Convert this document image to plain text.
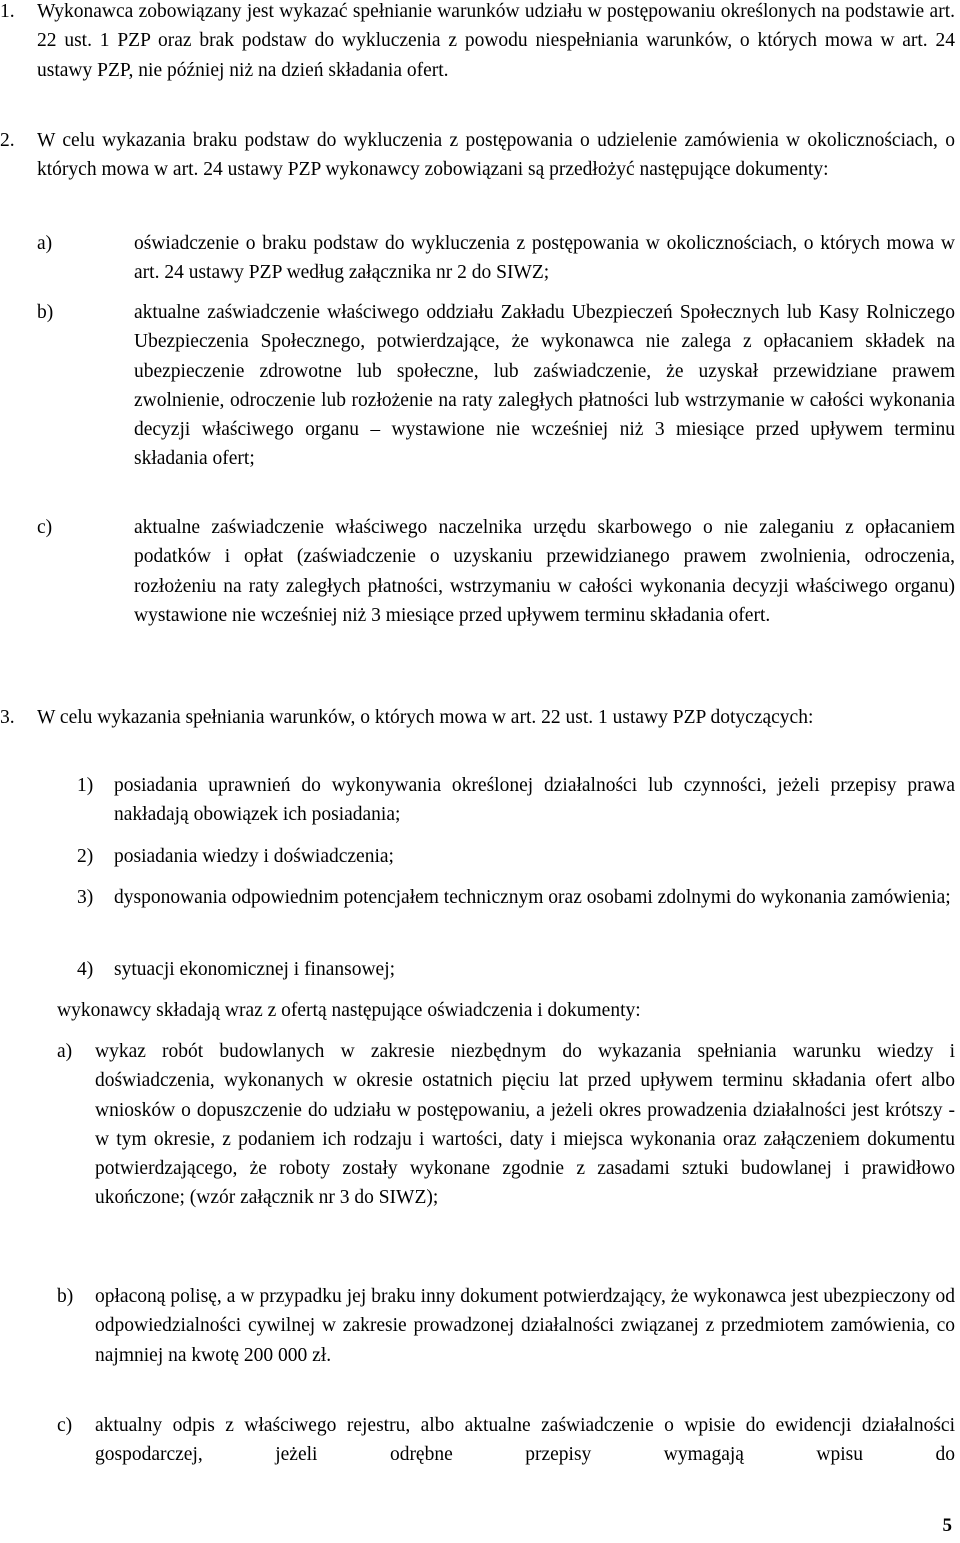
1. Wykonawca zobowiązany jest wykazać spełnianie warunków udziału w postępowaniu określonych na podstawie art. 22 ust. 1 PZP oraz brak podstaw do wykluczenia z powodu niespełniania warunków, o których mowa w art. 24 ustawy PZP, nie później niż na dzień składania ofert.
2. W celu wykazania braku podstaw do wykluczenia z postępowania o udzielenie zamówienia w okolicznościach, o których mowa w art. 24 ustawy PZP wykonawcy zobowiązani są przedłożyć następujące dokumenty:
a)	oświadczenie o braku podstaw do wykluczenia z postępowania w okolicznościach, o których mowa w art. 24 ustawy PZP według załącznika nr 2 do SIWZ;
b)	aktualne zaświadczenie właściwego oddziału Zakładu Ubezpieczeń Społecznych lub Kasy Rolniczego Ubezpieczenia Społecznego, potwierdzające, że wykonawca nie zalega z opłacaniem składek na ubezpieczenie zdrowotne lub społeczne, lub zaświadczenie, że uzyskał przewidziane prawem zwolnienie, odroczenie lub rozłożenie na raty zaległych płatności lub wstrzymanie w całości wykonania decyzji właściwego organu – wystawione nie wcześniej niż 3 miesiące przed upływem terminu składania ofert;
c)	aktualne zaświadczenie właściwego naczelnika urzędu skarbowego o nie zaleganiu z opłacaniem podatków i opłat (zaświadczenie o uzyskaniu przewidzianego prawem zwolnienia, odroczenia, rozłożeniu na raty zaległych płatności, wstrzymaniu w całości wykonania decyzji właściwego organu) wystawione nie wcześniej niż 3 miesiące przed upływem terminu składania ofert.
3. W celu wykazania spełniania warunków, o których mowa w art. 22 ust. 1 ustawy PZP dotyczących:
1) posiadania uprawnień do wykonywania określonej działalności lub czynności, jeżeli przepisy prawa nakładają obowiązek ich posiadania;
2) posiadania wiedzy i doświadczenia;
3) dysponowania odpowiednim potencjałem technicznym oraz osobami zdolnymi do wykonania zamówienia;
4) sytuacji ekonomicznej i finansowej;
wykonawcy składają wraz z ofertą następujące oświadczenia i dokumenty:
a) wykaz robót budowlanych w zakresie niezbędnym do wykazania spełniania warunku wiedzy i doświadczenia, wykonanych w okresie ostatnich pięciu lat przed upływem terminu składania ofert albo wniosków o dopuszczenie do udziału w postępowaniu, a jeżeli okres prowadzenia działalności jest krótszy - w tym okresie, z podaniem ich rodzaju i wartości, daty i miejsca wykonania oraz załączeniem dokumentu potwierdzającego, że roboty zostały wykonane zgodnie z zasadami sztuki budowlanej i prawidłowo ukończone; (wzór załącznik nr 3 do SIWZ);
b) opłaconą polisę, a w przypadku jej braku inny dokument potwierdzający, że wykonawca jest ubezpieczony od odpowiedzialności cywilnej w zakresie prowadzonej działalności związanej z przedmiotem zamówienia, co najmniej na kwotę 200 000 zł.
c) aktualny odpis z właściwego rejestru, albo aktualne zaświadczenie o wpisie do ewidencji działalności gospodarczej, jeżeli odrębne przepisy wymagają wpisu do
5
